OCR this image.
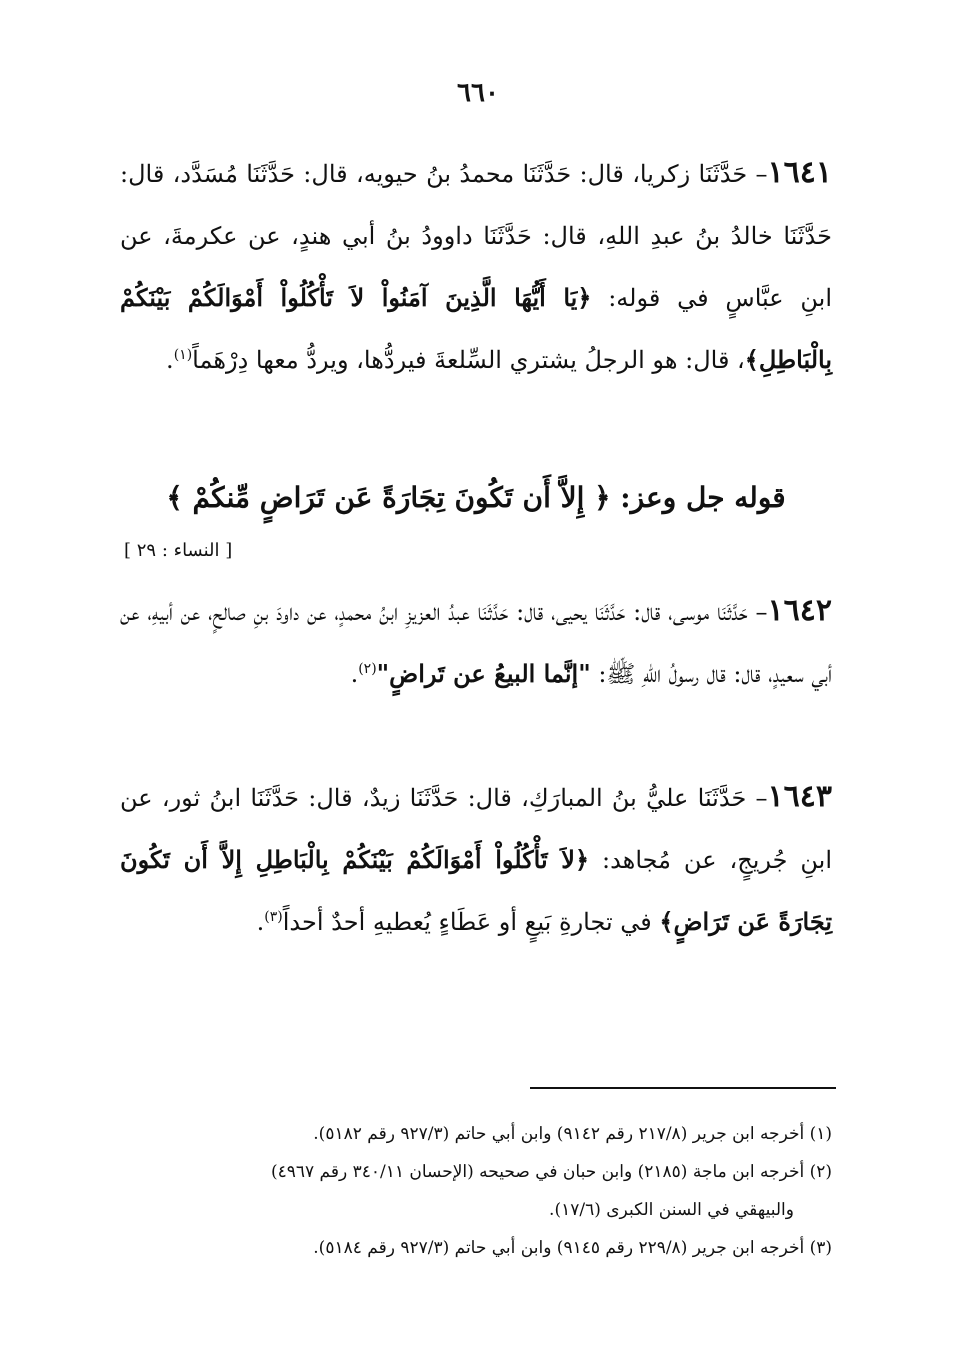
٦٦٠
١٦٤١– حَدَّثَنَا زكريا، قال: حَدَّثَنَا محمدُ بنُ حيويه، قال: حَدَّثَنَا مُسَدَّد، قال: حَدَّثَنَا خالدُ بنُ عبدِ اللهِ، قال: حَدَّثَنَا داوودُ بنُ أبي هندٍ، عن عكرمةَ، عن ابنِ عبَّاسٍ في قوله: ﴿يَا أَيُّهَا الَّذِينَ آمَنُواْ لاَ تَأْكُلُواْ أَمْوَالَكُمْ بَيْنَكُمْ بِالْبَاطِلِ﴾، قال: هو الرجلُ يشتري السِّلعةَ فيردُّها، ويردُّ معها دِرْهَماً$^{(١)}$.
قوله جل وعز: ﴿ إِلاَّ أَن تَكُونَ تِجَارَةً عَن تَرَاضٍ مِّنكُمْ ﴾
[ النساء : ٢٩ ]
١٦٤٢– حَدَّثَنَا موسى، قال: حَدَّثَنَا يحيى، قال: حَدَّثَنَا عبدُ العزيزِ ابنُ محمدٍ، عن داودَ بنِ صالحٍ، عن أبيهِ، عن أبي سعيدٍ، قال: قال رسولُ اللهِ ﷺ: "إنَّما البيعُ عن تَراضٍ"$^{(٢)}$.
١٦٤٣– حَدَّثَنَا عليُّ بنُ المبارَكِ، قال: حَدَّثَنَا زيدٌ، قال: حَدَّثَنَا ابنُ ثور، عن ابنِ جُريجٍ، عن مُجاهد: ﴿لاَ تَأْكُلُواْ أَمْوَالَكُمْ بَيْنَكُمْ بِالْبَاطِلِ إِلاَّ أَن تَكُونَ تِجَارَةً عَن تَرَاضٍ﴾ في تجارةِ بَيعٍ أو عَطَاءٍ يُعطيهِ أحدٌ أحداً$^{(٣)}$.
(١) أخرجه ابن جرير (٢١٧/٨ رقم ٩١٤٢) وابن أبي حاتم (٩٢٧/٣ رقم ٥١٨٢).
(٢) أخرجه ابن ماجة (٢١٨٥) وابن حبان في صحيحه (الإحسان ٣٤٠/١١ رقم ٤٩٦٧)
والبيهقي في السنن الكبرى (١٧/٦).
(٣) أخرجه ابن جرير (٢٢٩/٨ رقم ٩١٤٥) وابن أبي حاتم (٩٢٧/٣ رقم ٥١٨٤).
